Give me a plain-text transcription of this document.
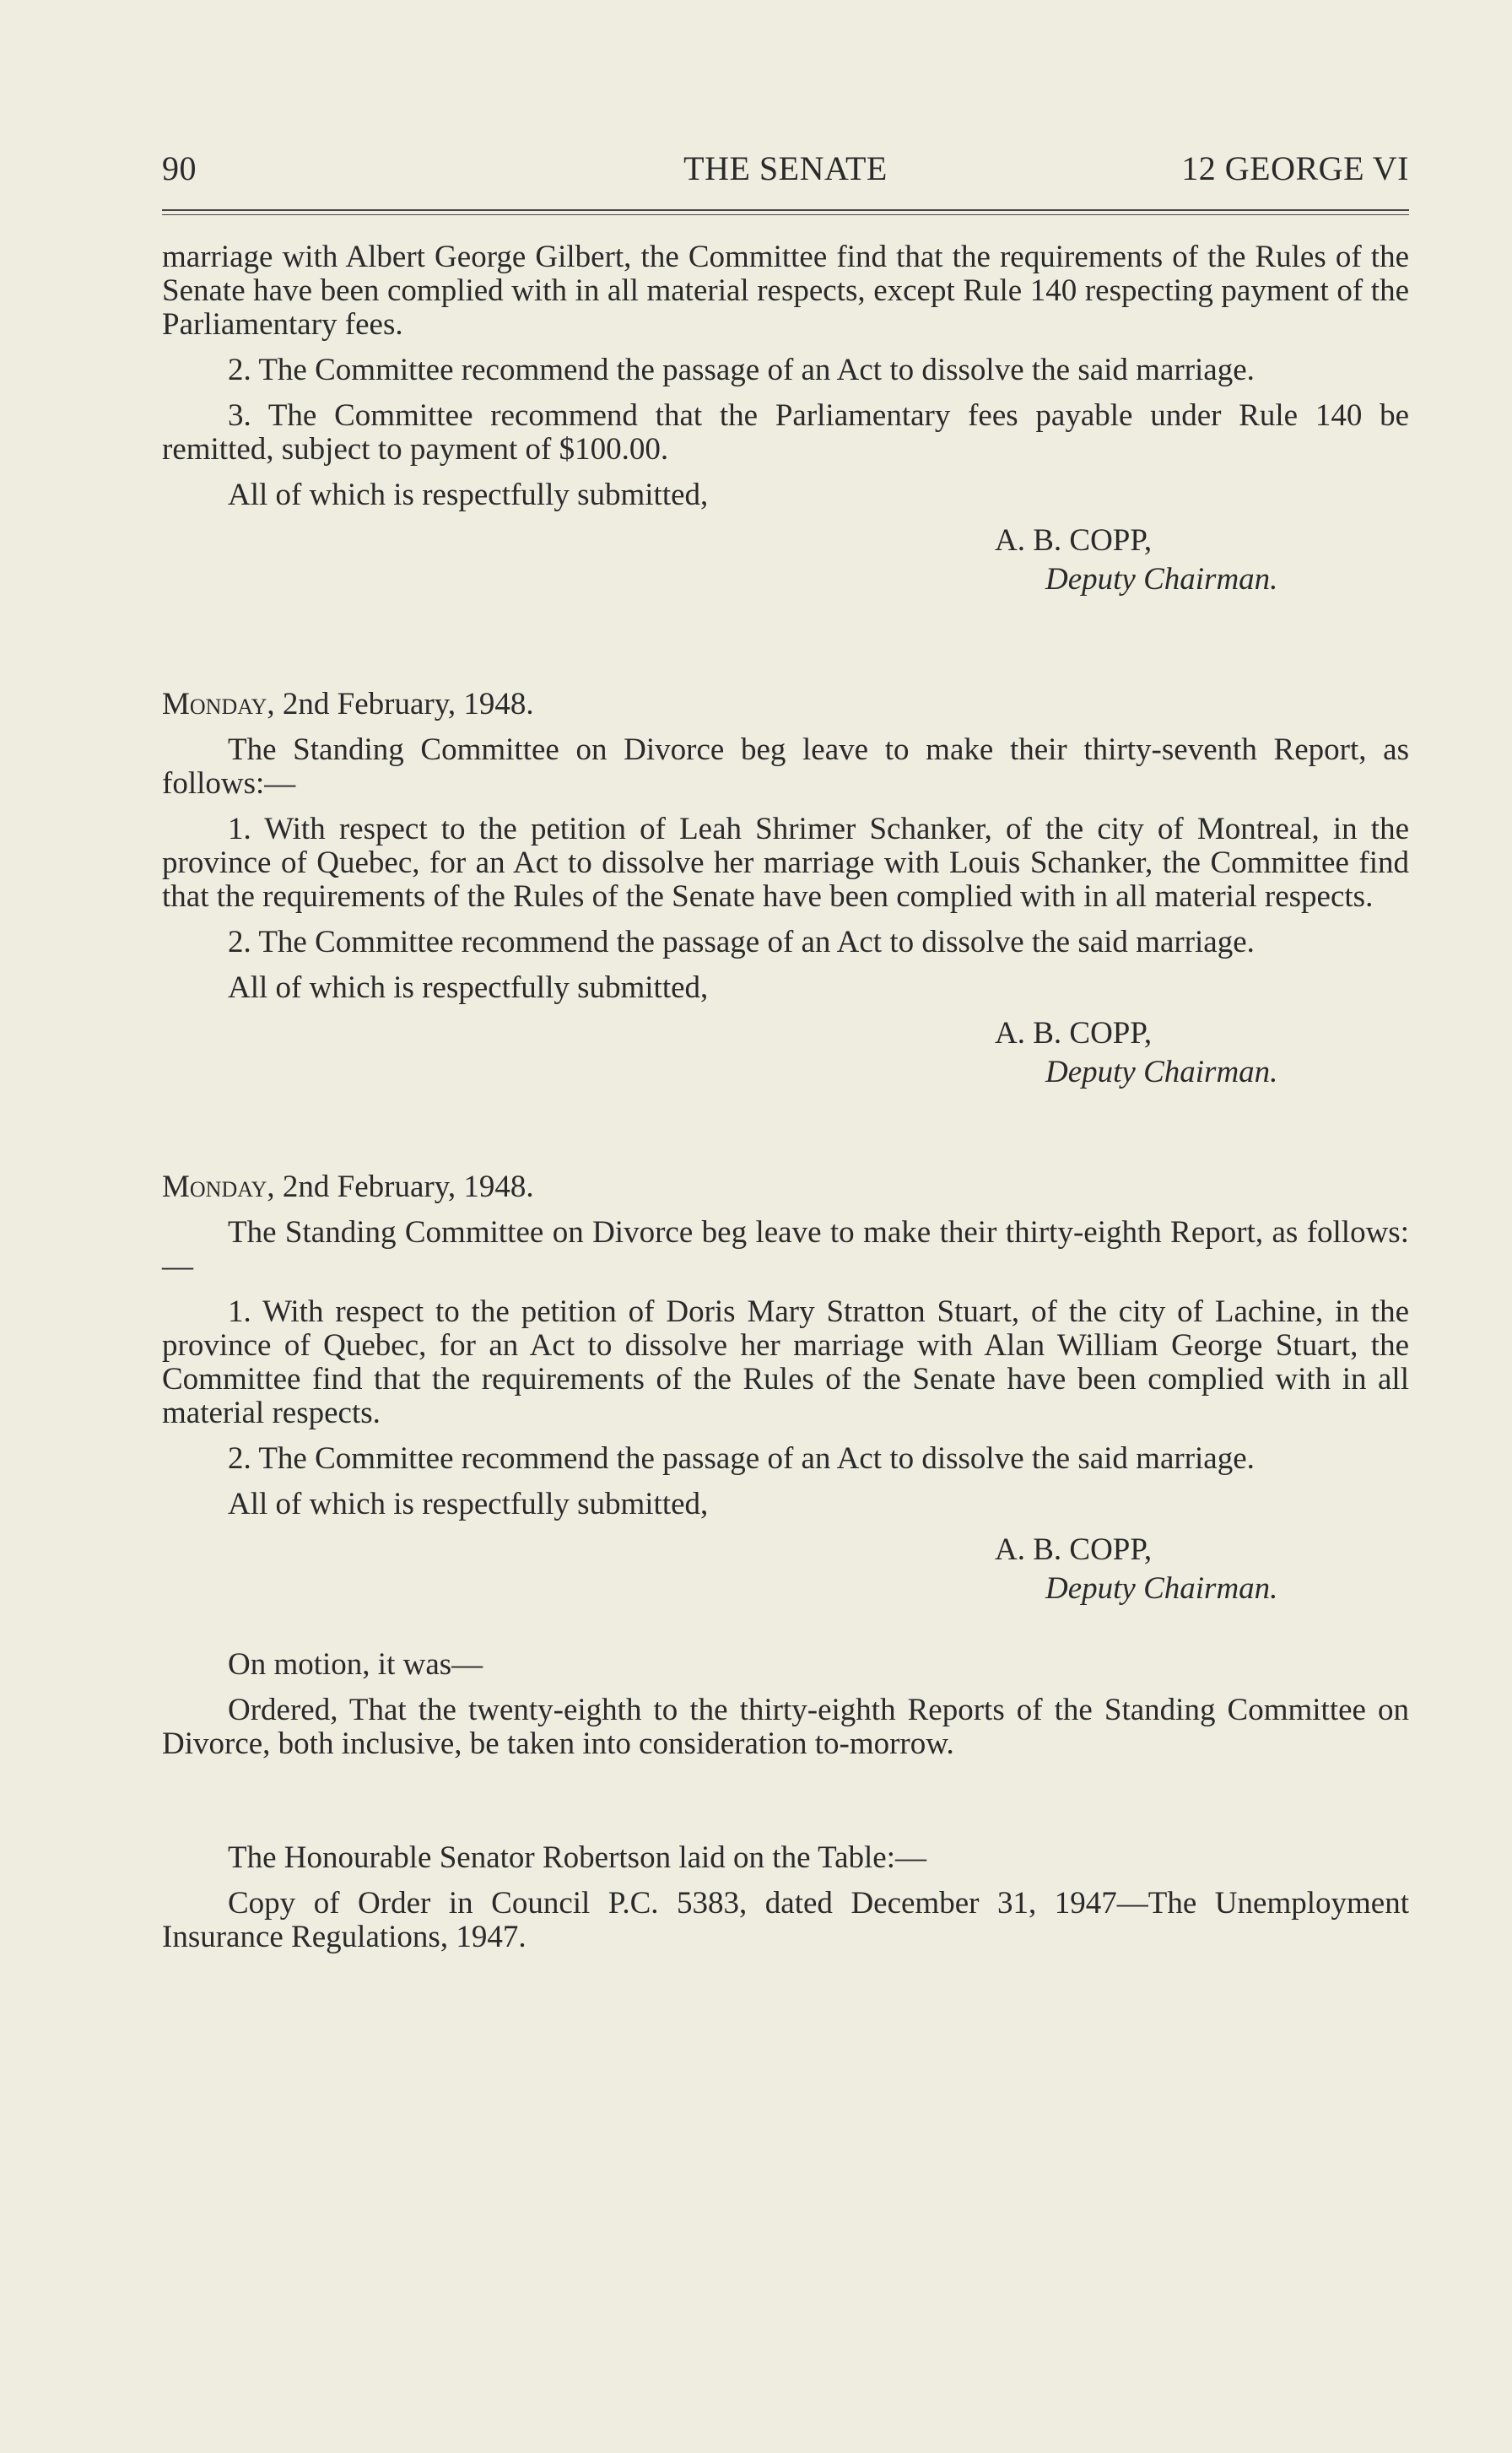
90	THE SENATE	12 GEORGE VI

marriage with Albert George Gilbert, the Committee find that the requirements of the Rules of the Senate have been complied with in all material respects, except Rule 140 respecting payment of the Parliamentary fees.

2. The Committee recommend the passage of an Act to dissolve the said marriage.

3. The Committee recommend that the Parliamentary fees payable under Rule 140 be remitted, subject to payment of $100.00.

All of which is respectfully submitted,

A. B. COPP,

Deputy Chairman.

Monday, 2nd February, 1948.

The Standing Committee on Divorce beg leave to make their thirty-seventh Report, as follows:—

1. With respect to the petition of Leah Shrimer Schanker, of the city of Montreal, in the province of Quebec, for an Act to dissolve her marriage with Louis Schanker, the Committee find that the requirements of the Rules of the Senate have been complied with in all material respects.

2. The Committee recommend the passage of an Act to dissolve the said marriage.

All of which is respectfully submitted,

A. B. COPP,

Deputy Chairman.

Monday, 2nd February, 1948.

The Standing Committee on Divorce beg leave to make their thirty-eighth Report, as follows:—

1. With respect to the petition of Doris Mary Stratton Stuart, of the city of Lachine, in the province of Quebec, for an Act to dissolve her marriage with Alan William George Stuart, the Committee find that the requirements of the Rules of the Senate have been complied with in all material respects.

2. The Committee recommend the passage of an Act to dissolve the said marriage.

All of which is respectfully submitted,

A. B. COPP,

Deputy Chairman.

On motion, it was—

Ordered, That the twenty-eighth to the thirty-eighth Reports of the Standing Committee on Divorce, both inclusive, be taken into consideration to-morrow.

The Honourable Senator Robertson laid on the Table:—

Copy of Order in Council P.C. 5383, dated December 31, 1947—The Unemployment Insurance Regulations, 1947.
